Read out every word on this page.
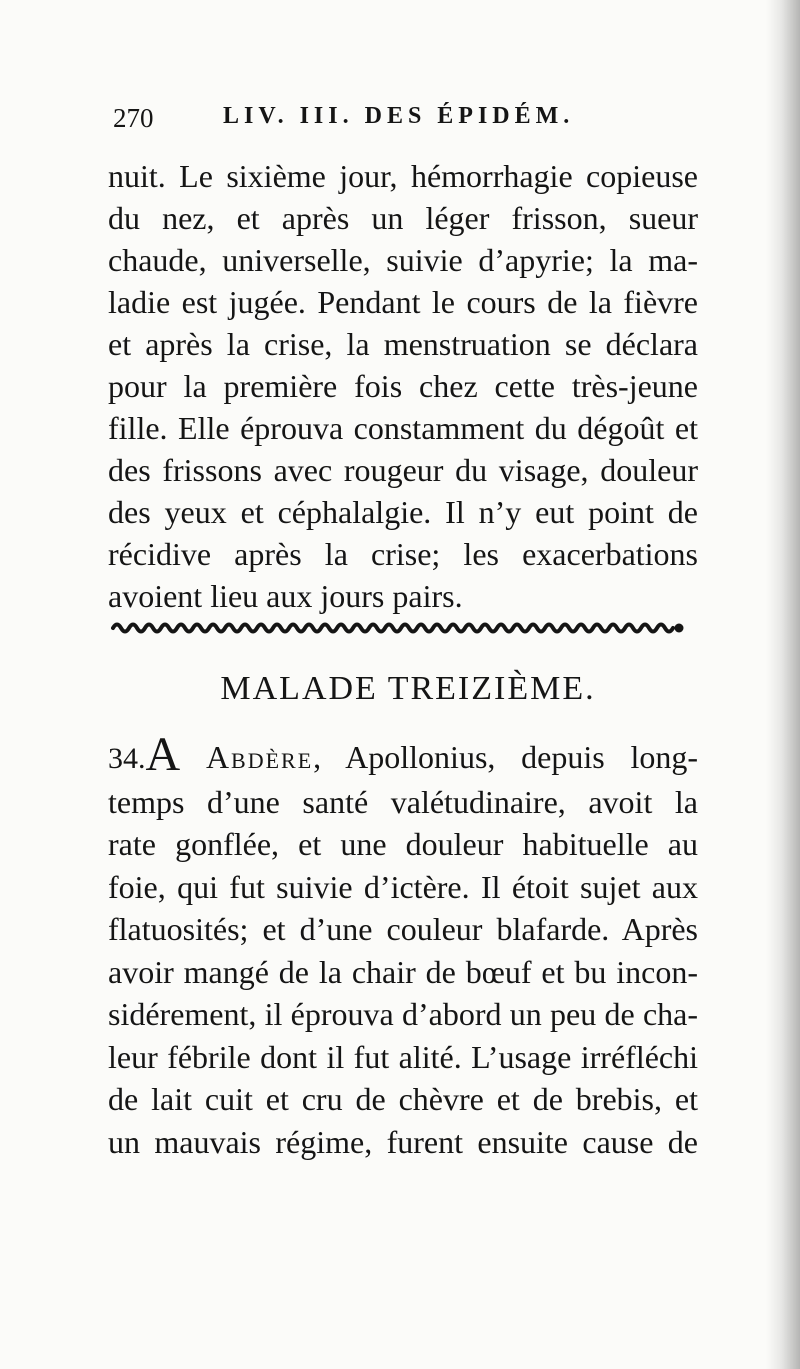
270	LIV. III. DES ÉPIDÉM.
nuit. Le sixième jour, hémorrhagie copieuse
du nez, et après un léger frisson, sueur
chaude, universelle, suivie d’apyrie; la ma-
ladie est jugée. Pendant le cours de la fièvre
et après la crise, la menstruation se déclara
pour la première fois chez cette très-jeune
fille. Elle éprouva constamment du dégoût et
des frissons avec rougeur du visage, douleur
des yeux et céphalalgie. Il n’y eut point de
récidive après la crise; les exacerbations
avoient lieu aux jours pairs.
MALADE TREIZIÈME.
34.A Abdère, Apollonius, depuis long-
temps d’une santé valétudinaire, avoit la
rate gonflée, et une douleur habituelle au
foie, qui fut suivie d’ictère. Il étoit sujet aux
flatuosités; et d’une couleur blafarde. Après
avoir mangé de la chair de bœuf et bu incon-
sidérement, il éprouva d’abord un peu de cha-
leur fébrile dont il fut alité. L’usage irréfléchi
de lait cuit et cru de chèvre et de brebis, et
un mauvais régime, furent ensuite cause de
